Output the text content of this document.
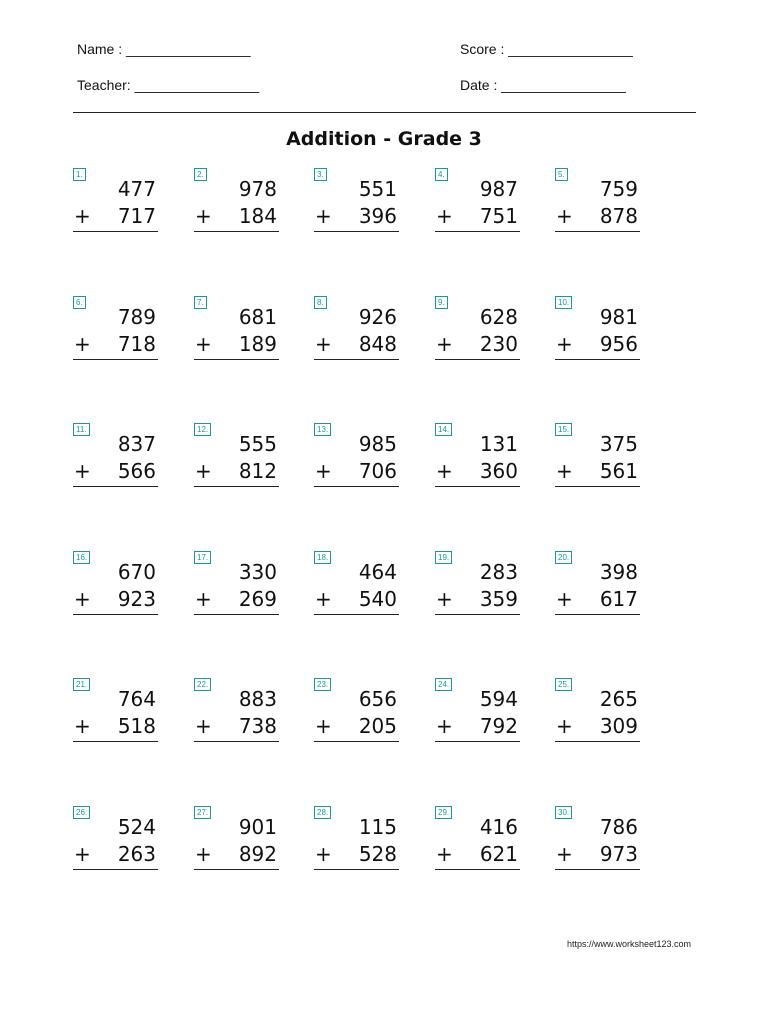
Name : ________________
Teacher: ________________
Score : ________________
Date : ________________
Addition - Grade 3
1.
477
+ 717
2.
978
+ 184
3.
551
+ 396
4.
987
+ 751
5.
759
+ 878
6.
789
+ 718
7.
681
+ 189
8.
926
+ 848
9.
628
+ 230
10.
981
+ 956
11.
837
+ 566
12.
555
+ 812
13.
985
+ 706
14.
131
+ 360
15.
375
+ 561
16.
670
+ 923
17.
330
+ 269
18.
464
+ 540
19.
283
+ 359
20.
398
+ 617
21.
764
+ 518
22.
883
+ 738
23.
656
+ 205
24.
594
+ 792
25.
265
+ 309
26.
524
+ 263
27.
901
+ 892
28.
115
+ 528
29.
416
+ 621
30.
786
+ 973
https://www.worksheet123.com
